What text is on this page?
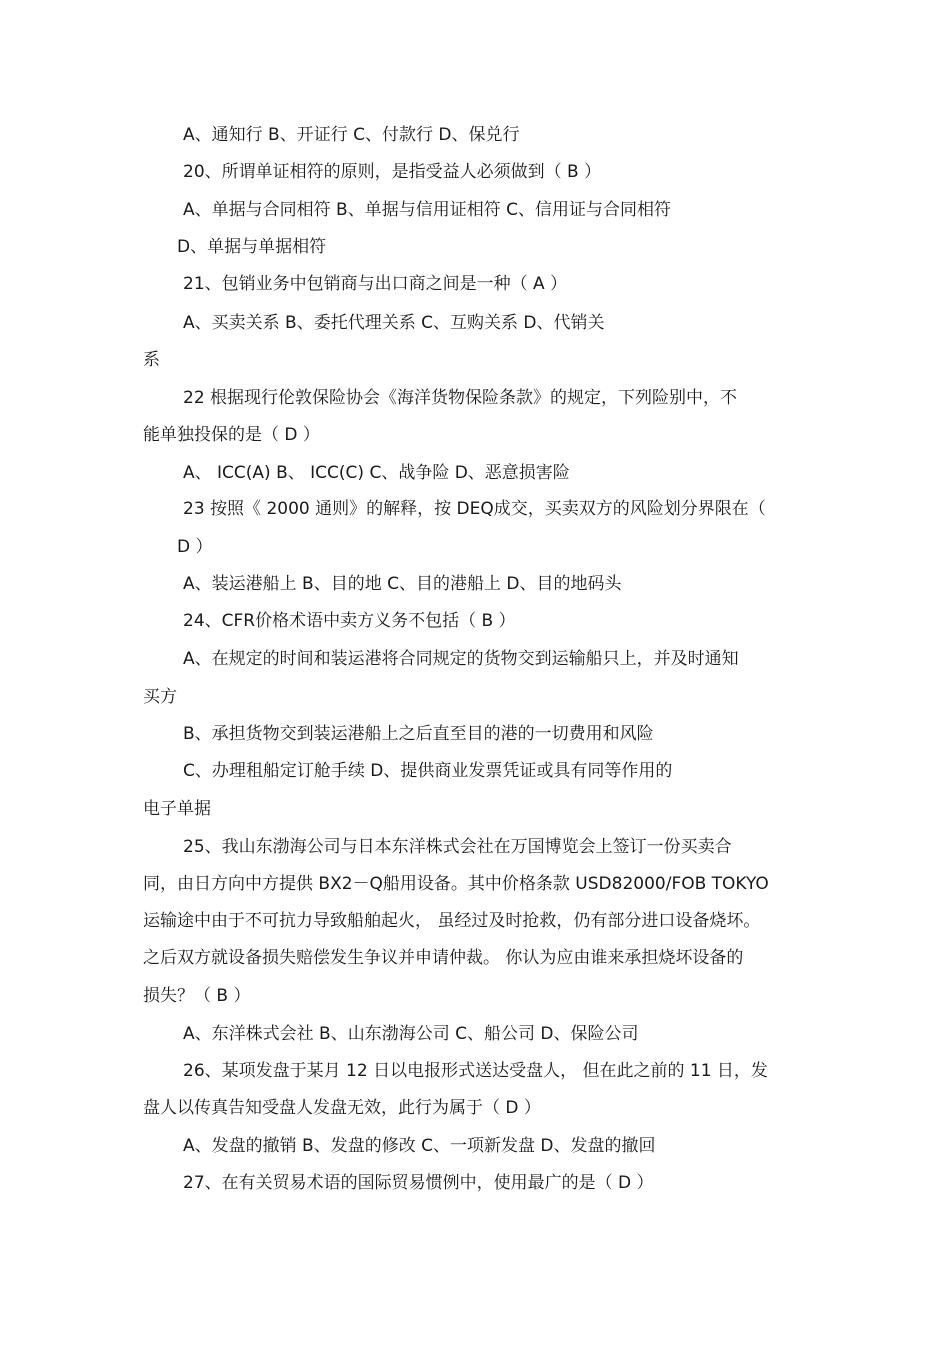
A、通知行 B、开证行 C、付款行 D、保兑行
20、所谓单证相符的原则，是指受益人必须做到（ B ）
A、单据与合同相符 B、单据与信用证相符 C、信用证与合同相符
D、单据与单据相符
21、包销业务中包销商与出口商之间是一种（ A ）
A、买卖关系 B、委托代理关系 C、互购关系 D、代销关
系
22 根据现行伦敦保险协会《海洋货物保险条款》的规定，下列险别中，不
能单独投保的是（ D ）
A、 ICC(A) B、 ICC(C) C、战争险 D、恶意损害险
23 按照《 2000 通则》的解释，按 DEQ成交，买卖双方的风险划分界限在（
D ）
A、装运港船上 B、目的地 C、目的港船上 D、目的地码头
24、CFR价格术语中卖方义务不包括（ B ）
A、在规定的时间和装运港将合同规定的货物交到运输船只上，并及时通知
买方
B、承担货物交到装运港船上之后直至目的港的一切费用和风险
C、办理租船定订舱手续 D、提供商业发票凭证或具有同等作用的
电子单据
25、我山东渤海公司与日本东洋株式会社在万国博览会上签订一份买卖合
同，由日方向中方提供 BX2－Q船用设备。其中价格条款 USD82000/FOB TOKYO
运输途中由于不可抗力导致船舶起火， 虽经过及时抢救，仍有部分进口设备烧坏。
之后双方就设备损失赔偿发生争议并申请仲裁。 你认为应由谁来承担烧坏设备的
损失？（ B ）
A、东洋株式会社 B、山东渤海公司 C、船公司 D、保险公司
26、某项发盘于某月 12 日以电报形式送达受盘人， 但在此之前的 11 日，发
盘人以传真告知受盘人发盘无效，此行为属于（ D ）
A、发盘的撤销 B、发盘的修改 C、一项新发盘 D、发盘的撤回
27、在有关贸易术语的国际贸易惯例中，使用最广的是（ D ）
